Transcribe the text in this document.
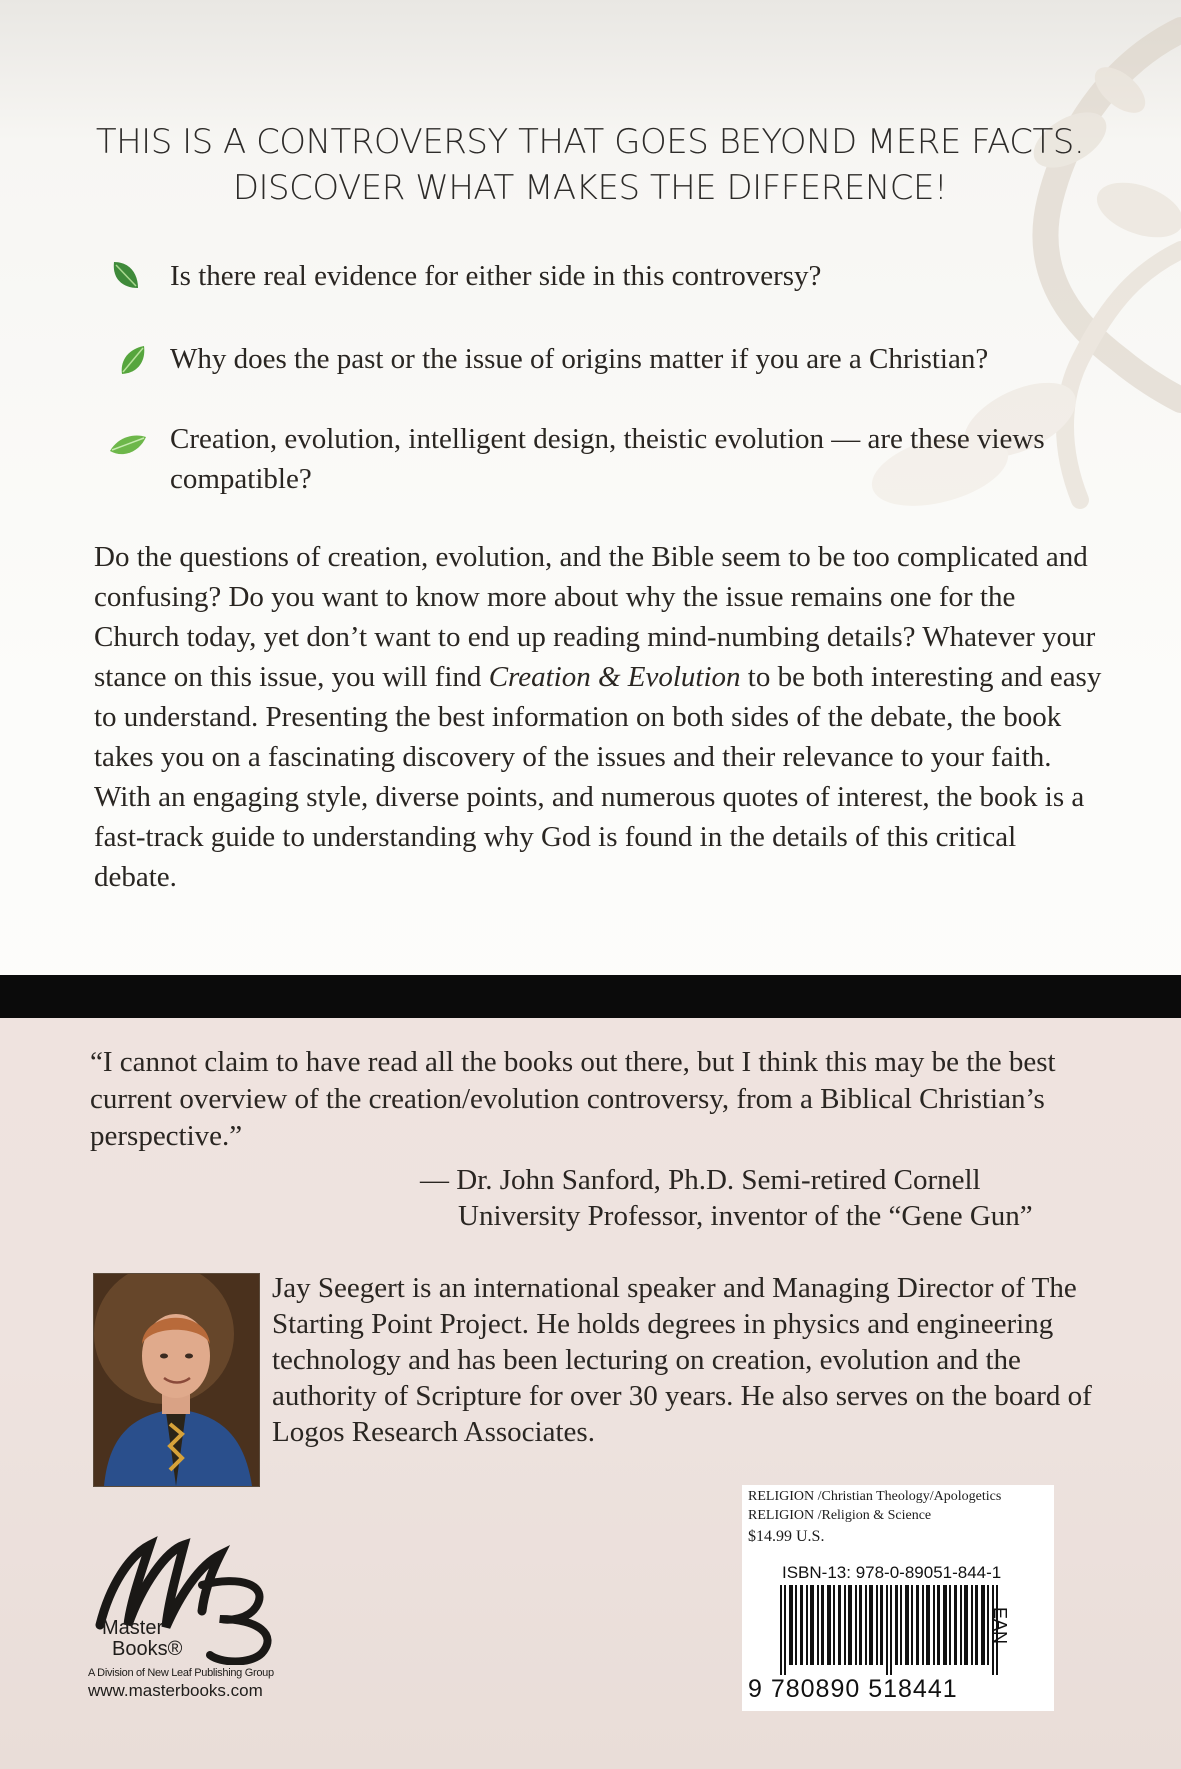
THIS IS A CONTROVERSY THAT GOES BEYOND MERE FACTS.
DISCOVER WHAT MAKES THE DIFFERENCE!
Is there real evidence for either side in this controversy?
Why does the past or the issue of origins matter if you are a Christian?
Creation, evolution, intelligent design, theistic evolution — are these views compatible?
Do the questions of creation, evolution, and the Bible seem to be too complicated and confusing? Do you want to know more about why the issue remains one for the Church today, yet don’t want to end up reading mind-numbing details? Whatever your stance on this issue, you will find Creation & Evolution to be both interesting and easy to understand. Presenting the best information on both sides of the debate, the book takes you on a fascinating discovery of the issues and their relevance to your faith. With an engaging style, diverse points, and numerous quotes of interest, the book is a fast-track guide to understanding why God is found in the details of this critical debate.
“I cannot claim to have read all the books out there, but I think this may be the best current overview of the creation/evolution controversy, from a Biblical Christian’s perspective.”
— Dr. John Sanford, Ph.D. Semi-retired Cornell
University Professor, inventor of the “Gene Gun”
Jay Seegert is an international speaker and Managing Director of The Starting Point Project. He holds degrees in physics and engineering technology and has been lecturing on creation, evolution and the authority of Scripture for over 30 years. He also serves on the board of Logos Research Associates.
Master
Books®
A Division of New Leaf Publishing Group
www.masterbooks.com
RELIGION /Christian Theology/Apologetics
RELIGION /Religion & Science
$14.99 U.S.
ISBN-13: 978-0-89051-844-1
9 780890 518441
EAN
